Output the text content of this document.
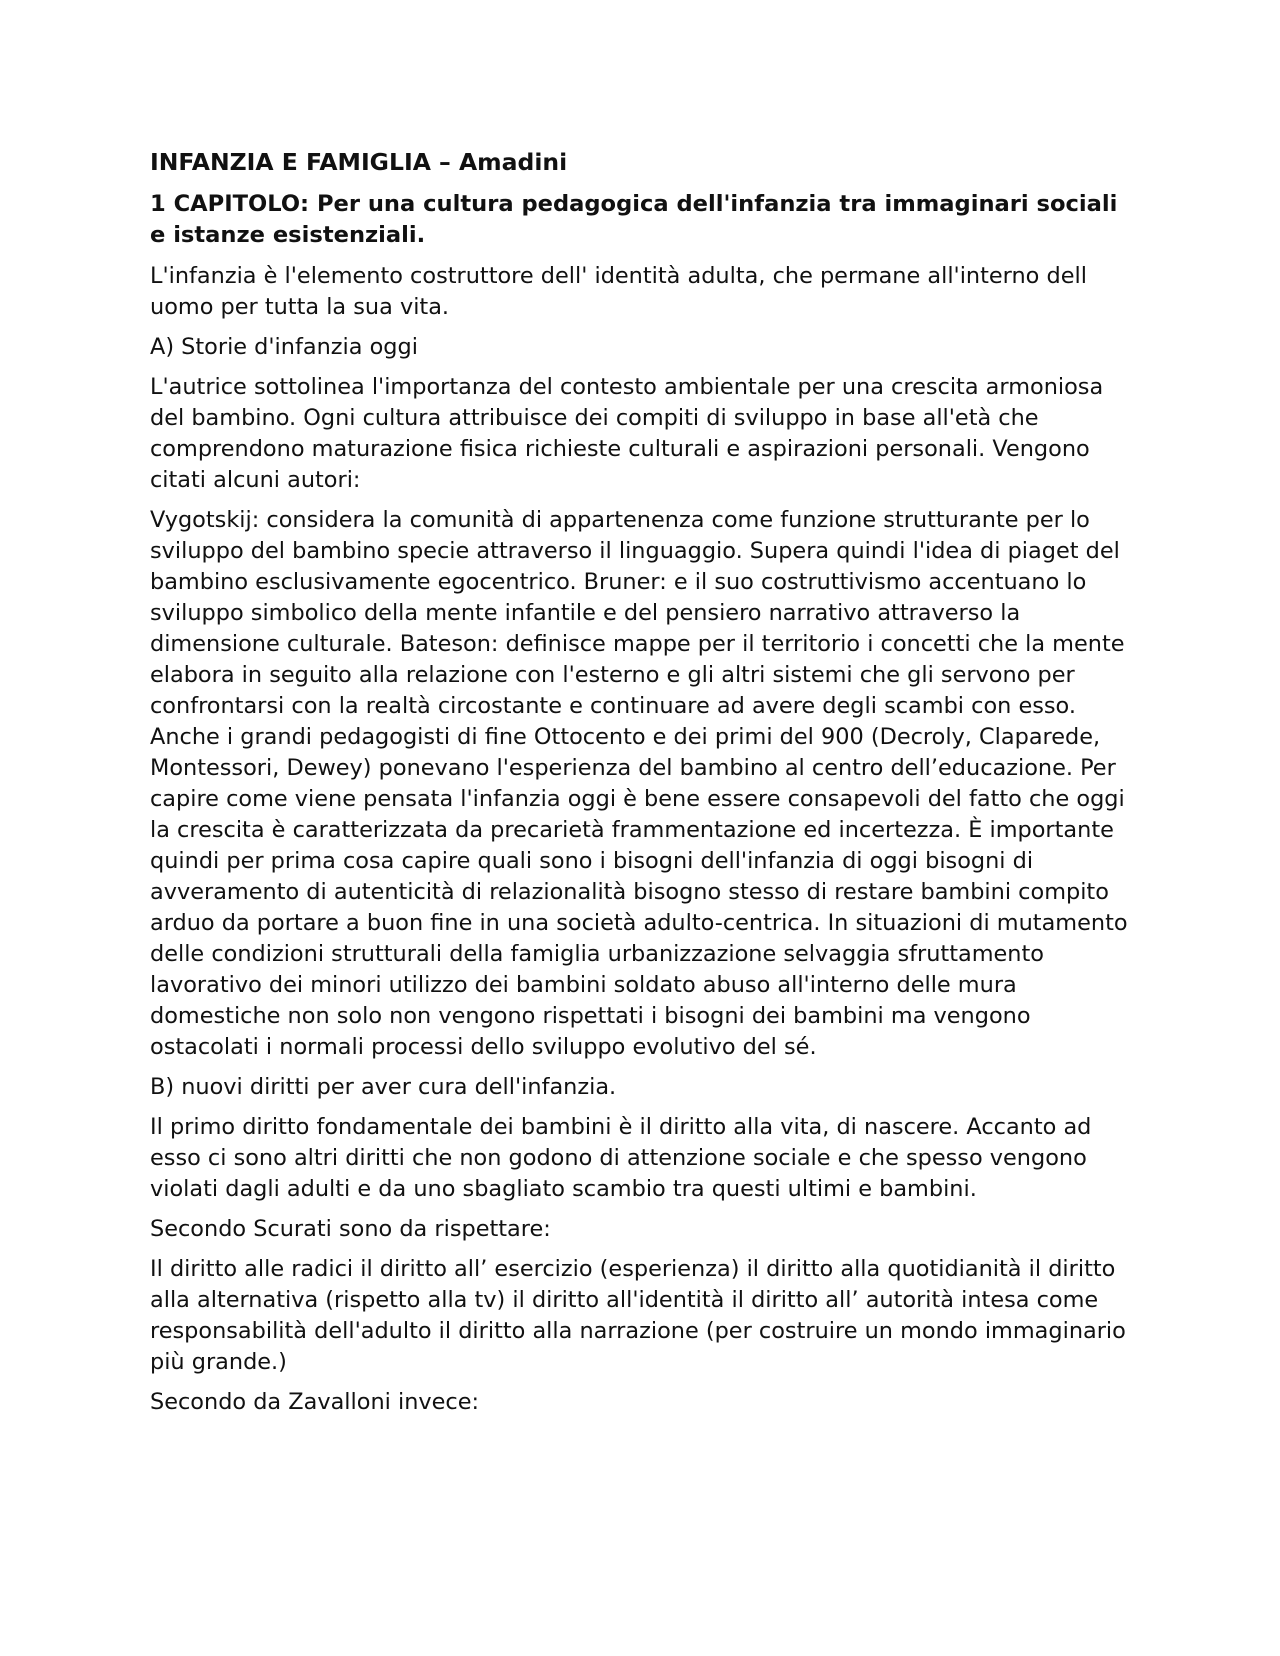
INFANZIA E FAMIGLIA – Amadini
1 CAPITOLO: Per una cultura pedagogica dell'infanzia tra immaginari sociali e istanze esistenziali.

L'infanzia è l'elemento costruttore dell' identità adulta, che permane all'interno dell uomo per tutta la sua vita.

A) Storie d'infanzia oggi

L'autrice sottolinea l'importanza del contesto ambientale per una crescita armoniosa del bambino. Ogni cultura attribuisce dei compiti di sviluppo in base all'età che comprendono maturazione fisica richieste culturali e aspirazioni personali. Vengono citati alcuni autori:

Vygotskij: considera la comunità di appartenenza come funzione strutturante per lo sviluppo del bambino specie attraverso il linguaggio. Supera quindi l'idea di piaget del bambino esclusivamente egocentrico. Bruner: e il suo costruttivismo accentuano lo sviluppo simbolico della mente infantile e del pensiero narrativo attraverso la dimensione culturale. Bateson: definisce mappe per il territorio i concetti che la mente elabora in seguito alla relazione con l'esterno e gli altri sistemi che gli servono per confrontarsi con la realtà circostante e continuare ad avere degli scambi con esso. Anche i grandi pedagogisti di fine Ottocento e dei primi del 900 (Decroly, Claparede, Montessori, Dewey) ponevano l'esperienza del bambino al centro dell’educazione. Per capire come viene pensata l'infanzia oggi è bene essere consapevoli del fatto che oggi la crescita è caratterizzata da precarietà frammentazione ed incertezza. È importante quindi per prima cosa capire quali sono i bisogni dell'infanzia di oggi bisogni di avveramento di autenticità di relazionalità bisogno stesso di restare bambini compito arduo da portare a buon fine in una società adulto-centrica. In situazioni di mutamento delle condizioni strutturali della famiglia urbanizzazione selvaggia sfruttamento lavorativo dei minori utilizzo dei bambini soldato abuso all'interno delle mura domestiche non solo non vengono rispettati i bisogni dei bambini ma vengono ostacolati i normali processi dello sviluppo evolutivo del sé.

B) nuovi diritti per aver cura dell'infanzia.

Il primo diritto fondamentale dei bambini è il diritto alla vita, di nascere. Accanto ad esso ci sono altri diritti che non godono di attenzione sociale e che spesso vengono violati dagli adulti e da uno sbagliato scambio tra questi ultimi e bambini.

Secondo Scurati sono da rispettare:

Il diritto alle radici il diritto all’ esercizio (esperienza) il diritto alla quotidianità il diritto alla alternativa (rispetto alla tv) il diritto all'identità il diritto all’ autorità intesa come responsabilità dell'adulto il diritto alla narrazione (per costruire un mondo immaginario più grande.)

Secondo da Zavalloni invece:
